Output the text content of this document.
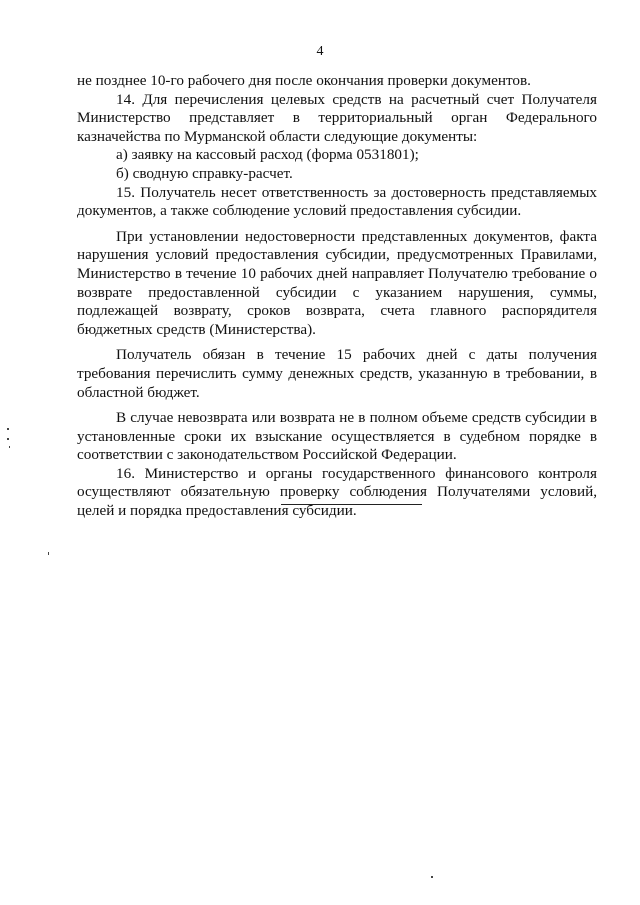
4

не позднее 10-го рабочего дня после окончания проверки документов.

14. Для перечисления целевых средств на расчетный счет Получателя Министерство представляет в территориальный орган Федерального казначейства по Мурманской области следующие документы:

а) заявку на кассовый расход (форма 0531801);

б) сводную справку-расчет.

15. Получатель несет ответственность за достоверность представляемых документов, а также соблюдение условий предоставления субсидии.

При установлении недостоверности представленных документов, факта нарушения условий предоставления субсидии, предусмотренных Правилами, Министерство в течение 10 рабочих дней направляет Получателю требование о возврате предоставленной субсидии с указанием нарушения, суммы, подлежащей возврату, сроков возврата, счета главного распорядителя бюджетных средств (Министерства).

Получатель обязан в течение 15 рабочих дней с даты получения требования перечислить сумму денежных средств, указанную в требовании, в областной бюджет.

В случае невозврата или возврата не в полном объеме средств субсидии в установленные сроки их взыскание осуществляется в судебном порядке в соответствии с законодательством Российской Федерации.

16. Министерство и органы государственного финансового контроля осуществляют обязательную проверку соблюдения Получателями условий, целей и порядка предоставления субсидии.
